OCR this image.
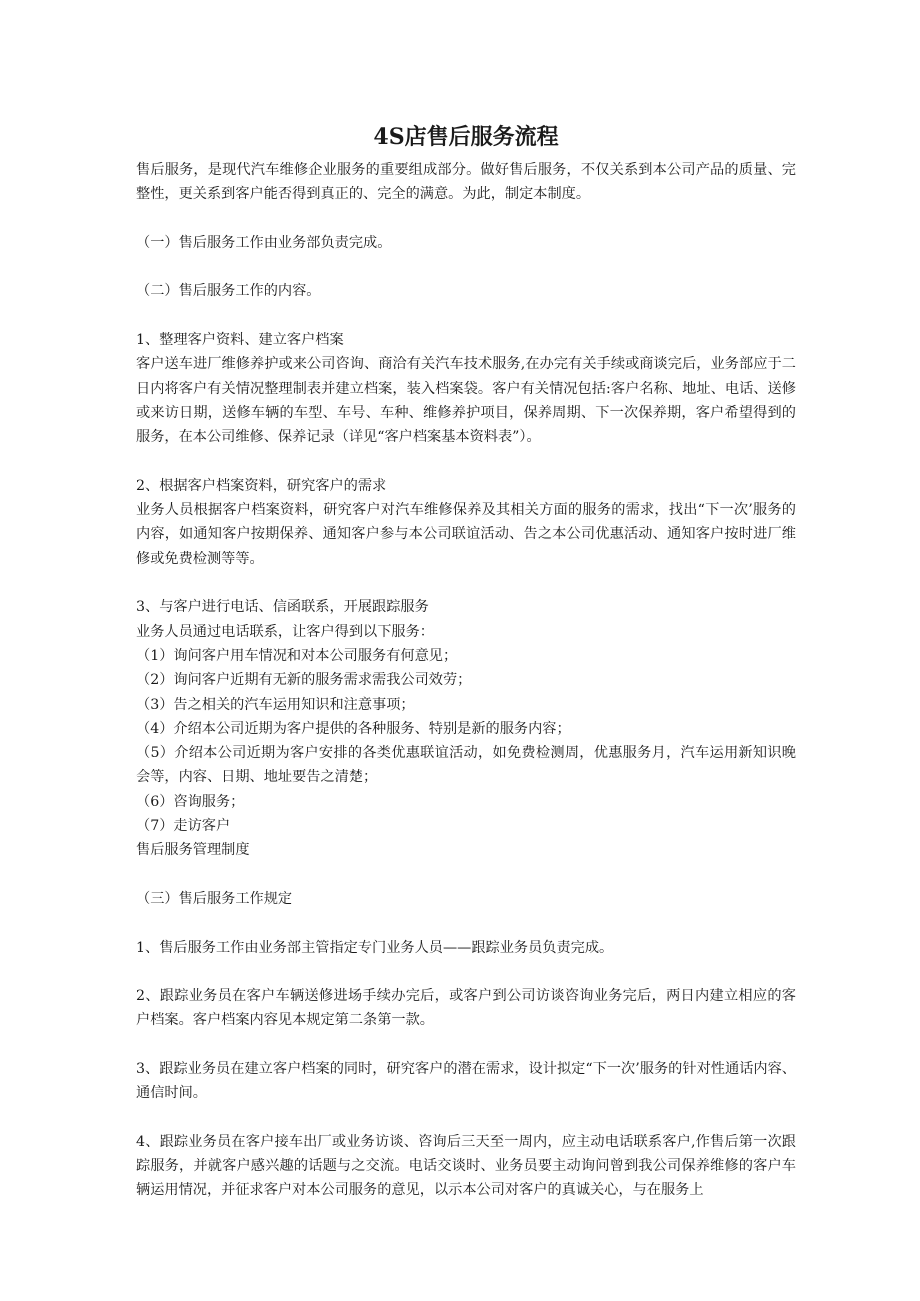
4S店售后服务流程

售后服务，是现代汽车维修企业服务的重要组成部分。做好售后服务，不仅关系到本公司产品的质量、完整性，更关系到客户能否得到真正的、完全的满意。为此，制定本制度。

（一）售后服务工作由业务部负责完成。

（二）售后服务工作的内容。

1、整理客户资料、建立客户档案

客户送车进厂维修养护或来公司咨询、商洽有关汽车技术服务,在办完有关手续或商谈完后，业务部应于二日内将客户有关情况整理制表并建立档案，装入档案袋。客户有关情况包括:客户名称、地址、电话、送修或来访日期，送修车辆的车型、车号、车种、维修养护项目，保养周期、下一次保养期，客户希望得到的服务，在本公司维修、保养记录（详见“客户档案基本资料表”）。

2、根据客户档案资料，研究客户的需求

业务人员根据客户档案资料，研究客户对汽车维修保养及其相关方面的服务的需求，找出“下一次’服务的内容，如通知客户按期保养、通知客户参与本公司联谊活动、告之本公司优惠活动、通知客户按时进厂维修或免费检测等等。

3、与客户进行电话、信函联系，开展跟踪服务

业务人员通过电话联系，让客户得到以下服务：

（1）询问客户用车情况和对本公司服务有何意见；

（2）询问客户近期有无新的服务需求需我公司效劳；

（3）告之相关的汽车运用知识和注意事项；

（4）介绍本公司近期为客户提供的各种服务、特别是新的服务内容；

（5）介绍本公司近期为客户安排的各类优惠联谊活动，如免费检测周，优惠服务月，汽车运用新知识晚会等，内容、日期、地址要告之清楚；

（6）咨询服务；

（7）走访客户

售后服务管理制度

（三）售后服务工作规定

1、售后服务工作由业务部主管指定专门业务人员——跟踪业务员负责完成。

2、跟踪业务员在客户车辆送修进场手续办完后，或客户到公司访谈咨询业务完后，两日内建立相应的客户档案。客户档案内容见本规定第二条第一款。

3、跟踪业务员在建立客户档案的同时，研究客户的潜在需求，设计拟定“下一次’服务的针对性通话内容、通信时间。

4、跟踪业务员在客户接车出厂或业务访谈、咨询后三天至一周内，应主动电话联系客户,作售后第一次跟踪服务，并就客户感兴趣的话题与之交流。电话交谈时、业务员要主动询问曾到我公司保养维修的客户车辆运用情况，并征求客户对本公司服务的意见，以示本公司对客户的真诚关心，与在服务上
